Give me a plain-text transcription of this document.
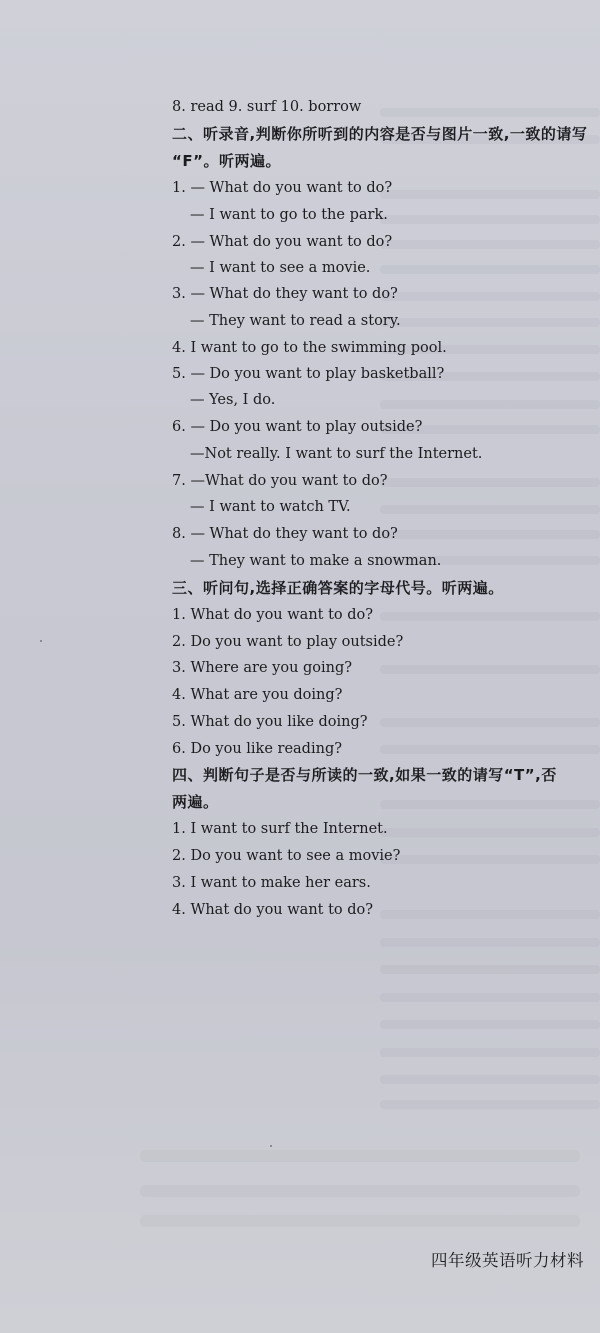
8. read 9. surf 10. borrow
二、听录音,判断你所听到的内容是否与图片一致,一致的请写
“F”。听两遍。
1. — What do you want to do?
— I want to go to the park.
2. — What do you want to do?
— I want to see a movie.
3. — What do they want to do?
— They want to read a story.
4. I want to go to the swimming pool.
5. — Do you want to play basketball?
— Yes, I do.
6. — Do you want to play outside?
—Not really. I want to surf the Internet.
7. —What do you want to do?
— I want to watch TV.
8. — What do they want to do?
— They want to make a snowman.
三、听问句,选择正确答案的字母代号。听两遍。
1. What do you want to do?
2. Do you want to play outside?
3. Where are you going?
4. What are you doing?
5. What do you like doing?
6. Do you like reading?
四、判断句子是否与所读的一致,如果一致的请写“T”,否
两遍。
1. I want to surf the Internet.
2. Do you want to see a movie?
3. I want to make her ears.
4. What do you want to do?
四年级英语听力材料
